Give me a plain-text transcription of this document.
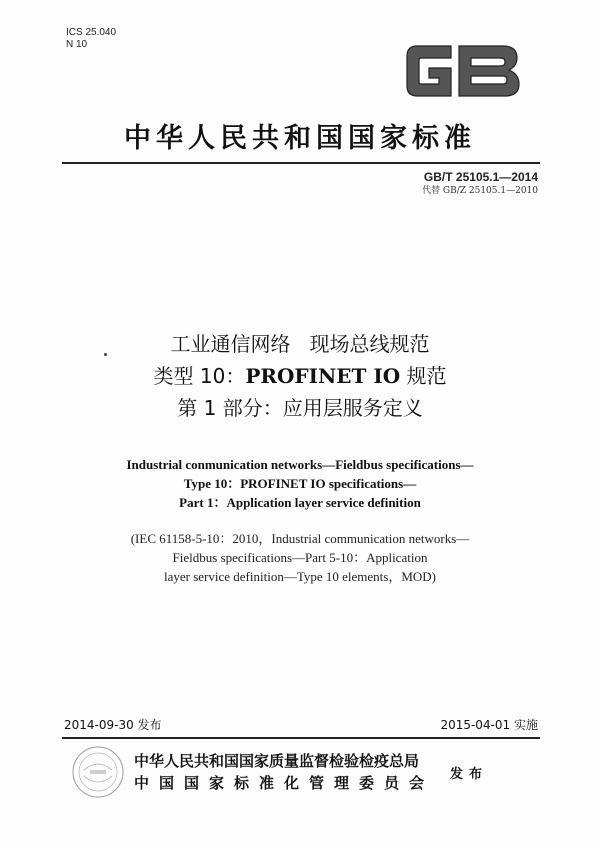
ICS 25.040
N 10
中华人民共和国国家标准
GB/T 25105.1—2014
代替 GB/Z 25105.1—2010
工业通信网络   现场总线规范
类型 10：PROFINET IO 规范
第 1 部分：应用层服务定义
Industrial conmunication networks—Fieldbus specifications—
Type 10：PROFINET IO specifications—
Part 1：Application layer service definition
(IEC 61158-5-10：2010，Industrial communication networks—
Fieldbus specifications—Part 5-10：Application
layer service definition—Type 10 elements，MOD)
2014-09-30 发布	2015-04-01 实施
中华人民共和国国家质量监督检验检疫总局
中国国家标准化管理委员会 发布
